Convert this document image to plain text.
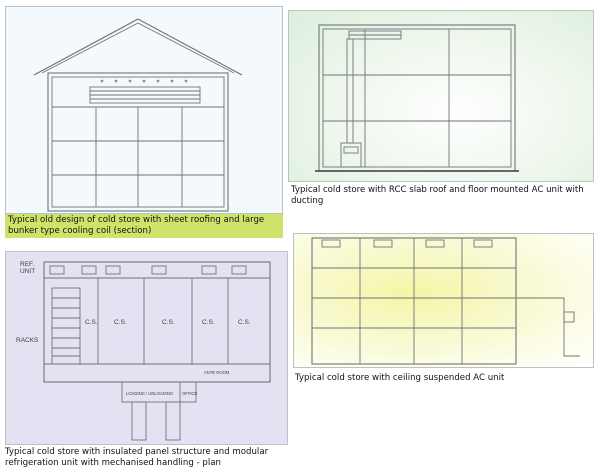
Typical old design of cold store with sheet roofing and large bunker type cooling coil (section)
Typical cold store with RCC slab roof and floor mounted AC unit with ducting
Typical cold store with ceiling suspended AC unit
REF.
UNIT
RACKS
C.S.	C.S.	C.S.	C.S.	C.S.
ANTE ROOM
LOADING / UNLOADING OFFICE
Typical cold store with insulated panel structure and modular refrigeration unit with mechanised handling - plan
